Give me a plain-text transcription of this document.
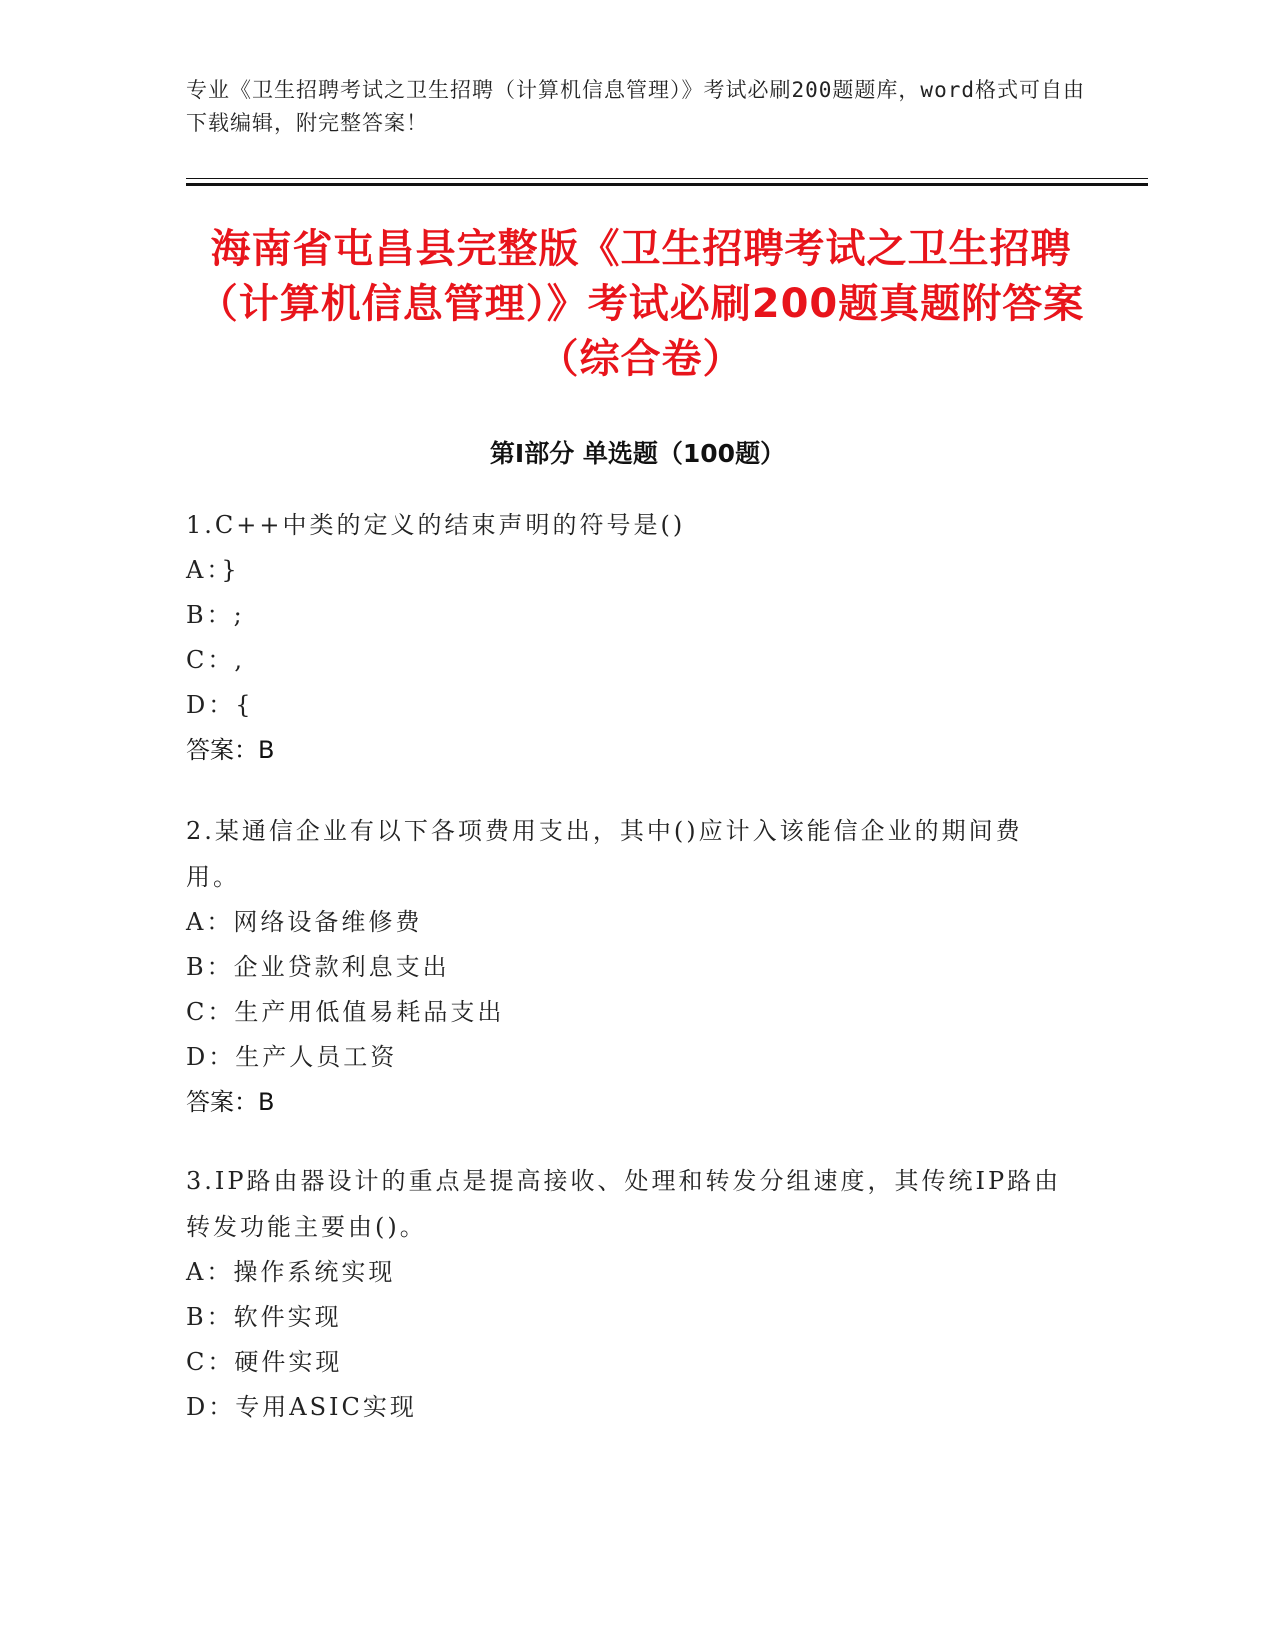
专业《卫生招聘考试之卫生招聘（计算机信息管理）》考试必刷200题题库，word格式可自由下载编辑，附完整答案！
海南省屯昌县完整版《卫生招聘考试之卫生招聘（计算机信息管理）》考试必刷200题真题附答案（综合卷）
第Ⅰ部分 单选题（100题）
1.C++中类的定义的结束声明的符号是()
A：}
B：;
C：,
D：{
答案：B
2.某通信企业有以下各项费用支出，其中()应计入该能信企业的期间费用。
A：网络设备维修费
B：企业贷款利息支出
C：生产用低值易耗品支出
D：生产人员工资
答案：B
3.IP路由器设计的重点是提高接收、处理和转发分组速度，其传统IP路由转发功能主要由()。
A：操作系统实现
B：软件实现
C：硬件实现
D：专用ASIC实现
